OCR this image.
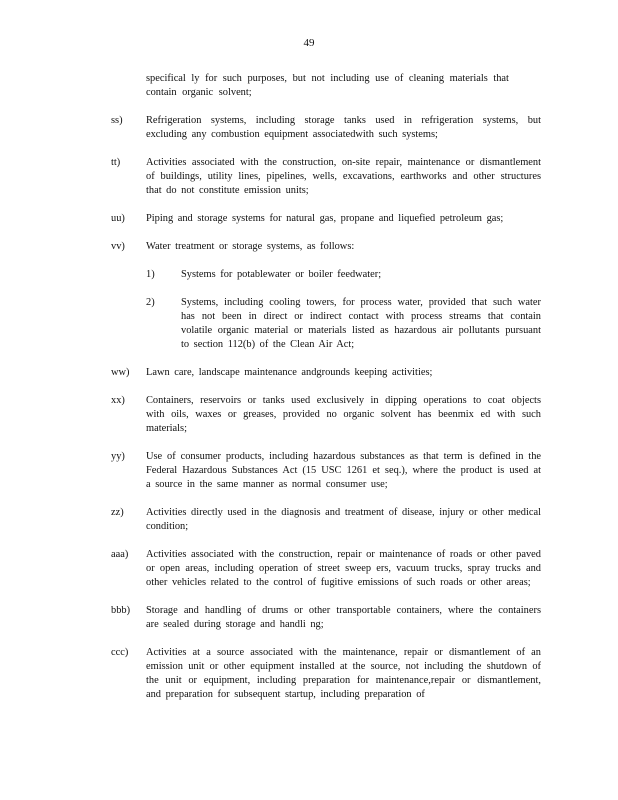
49
specifical ly for such purposes, but not including use of cleaning materials that contain organic solvent;
ss)	Refrigeration systems, including storage tanks used in refrigeration systems, but excluding any combustion equipment associatedwith such systems;
tt)	Activities associated with the construction, on-site repair, maintenance or dismantlement of buildings, utility lines, pipelines, wells, excavations, earthworks and other structures that do not constitute emission units;
uu)	Piping and storage systems for natural gas, propane and liquefied petroleum gas;
vv)	Water treatment or storage systems, as follows:
1)	Systems for potablewater or boiler feedwater;
2)	Systems, including cooling towers, for process water, provided that such water has not been in direct or indirect contact with process streams that contain volatile organic material or materials listed as hazardous air pollutants pursuant to section 112(b) of the Clean Air Act;
ww)	Lawn care, landscape maintenance andgrounds keeping activities;
xx)	Containers, reservoirs or tanks used exclusively in dipping operations to coat objects with oils, waxes or greases, provided no organic solvent has beenmix ed with such materials;
yy)	Use of consumer products, including hazardous substances as that term is defined in the Federal Hazardous Substances Act (15 USC 1261 et seq.), where the product is used at a source in the same manner as normal consumer use;
zz)	Activities directly used in the diagnosis and treatment of disease, injury or other medical condition;
aaa)	Activities associated with the construction, repair or maintenance of roads or other paved or open areas, including operation of street sweep ers, vacuum trucks, spray trucks and other vehicles related to the control of fugitive emissions of such roads or other areas;
bbb)	Storage and handling of drums or other transportable containers, where the containers are sealed during storage and handli ng;
ccc)	Activities at a source associated with the maintenance, repair or dismantlement of an emission unit or other equipment installed at the source, not including the shutdown of the unit or equipment, including preparation for maintenance,repair or dismantlement, and preparation for subsequent startup, including preparation of
